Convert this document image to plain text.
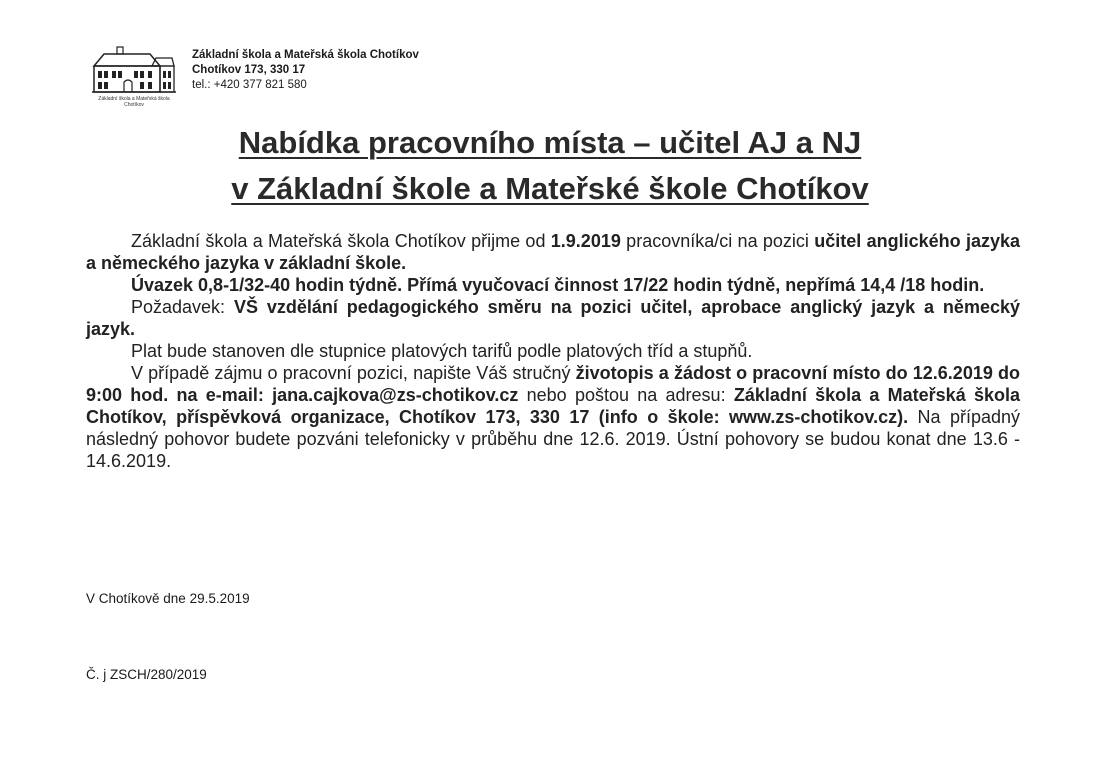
Základní škola a Mateřská škola
Chotíkov
Základní škola a Mateřská škola Chotíkov
Chotíkov 173, 330 17
tel.: +420 377 821 580
Nabídka pracovního místa – učitel AJ a NJ
v Základní škole a Mateřské škole Chotíkov

Základní škola a Mateřská škola Chotíkov přijme od 1.9.2019 pracovníka/ci na pozici učitel anglického jazyka a německého jazyka v základní škole.

Úvazek 0,8-1/32-40 hodin týdně. Přímá vyučovací činnost 17/22 hodin týdně, nepřímá 14,4 /18 hodin.

Požadavek: VŠ vzdělání pedagogického směru na pozici učitel, aprobace anglický jazyk a německý jazyk.

Plat bude stanoven dle stupnice platových tarifů podle platových tříd a stupňů.

V případě zájmu o pracovní pozici, napište Váš stručný životopis a žádost o pracovní místo do 12.6.2019 do 9:00 hod. na e-mail: jana.cajkova@zs-chotikov.cz nebo poštou na adresu: Základní škola a Mateřská škola Chotíkov, příspěvková organizace, Chotíkov 173, 330 17 (info o škole: www.zs-chotikov.cz). Na případný následný pohovor budete pozváni telefonicky v průběhu dne 12.6. 2019. Ústní pohovory se budou konat dne 13.6 - 14.6.2019.

V Chotíkově dne 29.5.2019
Č. j ZSCH/280/2019
